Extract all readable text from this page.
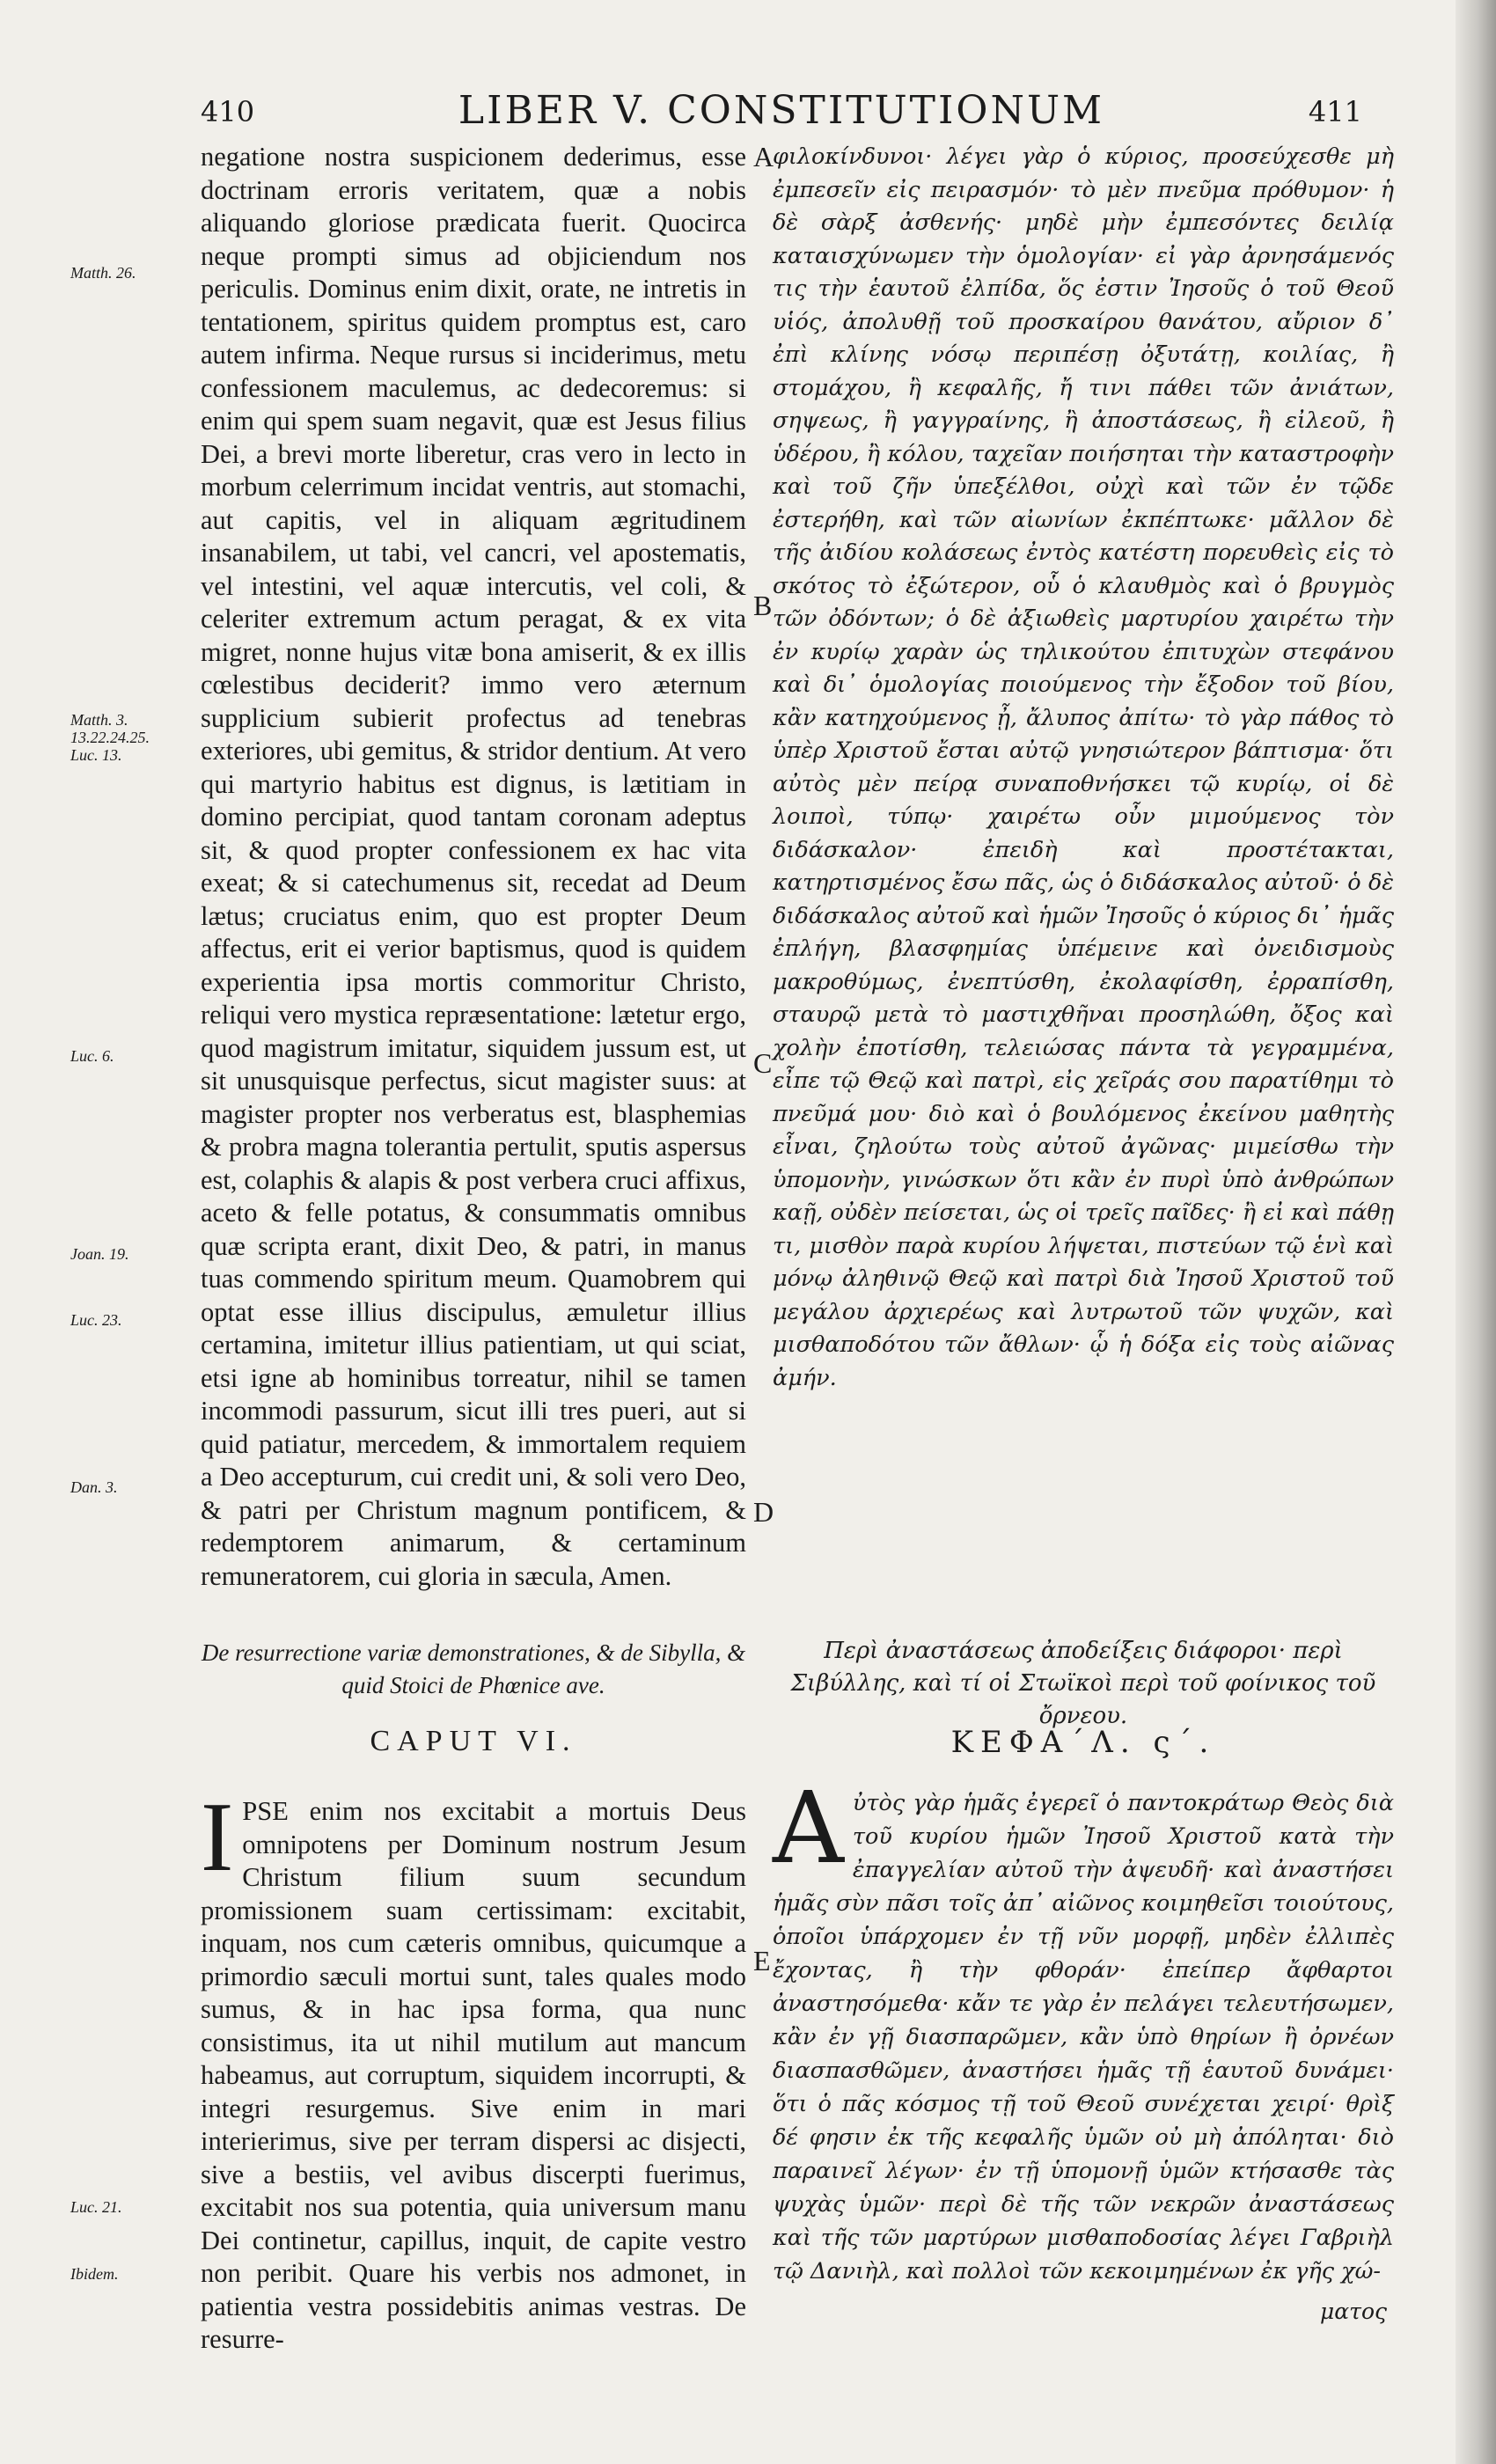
410	LIBER V. CONSTITUTIONUM	411
Matth. 26.
Matth. 3.
13.22.24.25.
Luc. 13.
Luc. 6.
Joan. 19.
Luc. 23.
Dan. 3.
Luc. 21.
Ibidem.
negatione nostra suspicionem dederimus, esse doctrinam erroris veritatem, quæ a nobis aliquando gloriose prædicata fuerit. Quocirca neque prompti simus ad objiciendum nos periculis. Dominus enim dixit, orate, ne intretis in tentationem, spiritus quidem promptus est, caro autem infirma. Neque rursus si inciderimus, metu confessionem maculemus, ac dedecoremus: si enim qui spem suam negavit, quæ est Jesus filius Dei, a brevi morte liberetur, cras vero in lecto in morbum celerrimum incidat ventris, aut stomachi, aut capitis, vel in aliquam ægritudinem insanabilem, ut tabi, vel cancri, vel apostematis, vel intestini, vel aquæ intercutis, vel coli, & celeriter extremum actum peragat, & ex vita migret, nonne hujus vitæ bona amiserit, & ex illis cœlestibus deciderit? immo vero æternum supplicium subierit profectus ad tenebras exteriores, ubi gemitus, & stridor dentium. At vero qui martyrio habitus est dignus, is lætitiam in domino percipiat, quod tantam coronam adeptus sit, & quod propter confessionem ex hac vita exeat; & si catechumenus sit, recedat ad Deum lætus; cruciatus enim, quo est propter Deum affectus, erit ei verior baptismus, quod is quidem experientia ipsa mortis commoritur Christo, reliqui vero mystica repræsentatione: lætetur ergo, quod magistrum imitatur, siquidem jussum est, ut sit unusquisque perfectus, sicut magister suus: at magister propter nos verberatus est, blasphemias & probra magna tolerantia pertulit, sputis aspersus est, colaphis & alapis & post verbera cruci affixus, aceto & felle potatus, & consummatis omnibus quæ scripta erant, dixit Deo, & patri, in manus tuas commendo spiritum meum. Quamobrem qui optat esse illius discipulus, æmuletur illius certamina, imitetur illius patientiam, ut qui sciat, etsi igne ab hominibus torreatur, nihil se tamen incommodi passurum, sicut illi tres pueri, aut si quid patiatur, mercedem, & immortalem requiem a Deo accepturum, cui credit uni, & soli vero Deo, & patri per Christum magnum pontificem, & redemptorem animarum, & certaminum remuneratorem, cui gloria in sæcula, Amen.
A
B
C
D
E
φιλοκίνδυνοι· λέγει γὰρ ὁ κύριος, προσεύχεσθε μὴ ἐμπεσεῖν εἰς πειρασμόν· τὸ μὲν πνεῦμα πρόθυμον· ἡ δὲ σὰρξ ἀσθενής· μηδὲ μὴν ἐμπεσόντες δειλίᾳ καταισχύνωμεν τὴν ὁμολογίαν· εἰ γὰρ ἀρνησάμενός τις τὴν ἑαυτοῦ ἐλπίδα, ὅς ἐστιν Ἰησοῦς ὁ τοῦ Θεοῦ υἱός, ἀπολυθῇ τοῦ προσκαίρου θανάτου, αὔριον δ᾽ ἐπὶ κλίνης νόσῳ περιπέσῃ ὀξυτάτῃ, κοιλίας, ἢ στομάχου, ἢ κεφαλῆς, ἤ τινι πάθει τῶν ἀνιάτων, σηψεως, ἢ γαγγραίνης, ἢ ἀποστάσεως, ἢ εἰλεοῦ, ἢ ὑδέρου, ἢ κόλου, ταχεῖαν ποιήσηται τὴν καταστροφὴν καὶ τοῦ ζῆν ὑπεξέλθοι, οὐχὶ καὶ τῶν ἐν τῷδε ἐστερήθη, καὶ τῶν αἰωνίων ἐκπέπτωκε· μᾶλλον δὲ τῆς ἀιδίου κολάσεως ἐντὸς κατέστη πορευθεὶς εἰς τὸ σκότος τὸ ἐξώτερον, οὗ ὁ κλαυθμὸς καὶ ὁ βρυγμὸς τῶν ὀδόντων; ὁ δὲ ἀξιωθεὶς μαρτυρίου χαιρέτω τὴν ἐν κυρίῳ χαρὰν ὡς τηλικούτου ἐπιτυχὼν στεφάνου καὶ δι᾽ ὁμολογίας ποιούμενος τὴν ἔξοδον τοῦ βίου, κἂν κατηχούμενος ᾖ, ἄλυπος ἀπίτω· τὸ γὰρ πάθος τὸ ὑπὲρ Χριστοῦ ἔσται αὐτῷ γνησιώτερον βάπτισμα· ὅτι αὐτὸς μὲν πείρᾳ συναποθνήσκει τῷ κυρίῳ, οἱ δὲ λοιποὶ, τύπῳ· χαιρέτω οὖν μιμούμενος τὸν διδάσκαλον· ἐπειδὴ καὶ προστέτακται, κατηρτισμένος ἔσω πᾶς, ὡς ὁ διδάσκαλος αὐτοῦ· ὁ δὲ διδάσκαλος αὐτοῦ καὶ ἡμῶν Ἰησοῦς ὁ κύριος δι᾽ ἡμᾶς ἐπλήγη, βλασφημίας ὑπέμεινε καὶ ὀνειδισμοὺς μακροθύμως, ἐνεπτύσθη, ἐκολαφίσθη, ἐρραπίσθη, σταυρῷ μετὰ τὸ μαστιχθῆναι προσηλώθη, ὄξος καὶ χολὴν ἐποτίσθη, τελειώσας πάντα τὰ γεγραμμένα, εἶπε τῷ Θεῷ καὶ πατρὶ, εἰς χεῖράς σου παρατίθημι τὸ πνεῦμά μου· διὸ καὶ ὁ βουλόμενος ἐκείνου μαθητὴς εἶναι, ζηλούτω τοὺς αὐτοῦ ἀγῶνας· μιμείσθω τὴν ὑπομονὴν, γινώσκων ὅτι κἂν ἐν πυρὶ ὑπὸ ἀνθρώπων καῇ, οὐδὲν πείσεται, ὡς οἱ τρεῖς παῖδες· ἢ εἰ καὶ πάθῃ τι, μισθὸν παρὰ κυρίου λήψεται, πιστεύων τῷ ἑνὶ καὶ μόνῳ ἀληθινῷ Θεῷ καὶ πατρὶ διὰ Ἰησοῦ Χριστοῦ τοῦ μεγάλου ἀρχιερέως καὶ λυτρωτοῦ τῶν ψυχῶν, καὶ μισθαποδότου τῶν ἄθλων· ᾧ ἡ δόξα εἰς τοὺς αἰῶνας ἀμήν.
De resurrectione variæ demonstrationes, & de Sibylla, & quid Stoici de Phœnice ave.
Περὶ ἀναστάσεως ἀποδείξεις διάφοροι· περὶ Σιβύλλης, καὶ τί οἱ Στωϊκοὶ περὶ τοῦ φοίνικος τοῦ ὄρνεου.
CAPUT VI.	ΚΕΦΑ΄Λ. ς΄.
I PSE enim nos excitabit a mortuis Deus omnipotens per Dominum nostrum Jesum Christum filium suum secundum promissionem suam certissimam: excitabit, inquam, nos cum cæteris omnibus, quicumque a primordio sæculi mortui sunt, tales quales modo sumus, & in hac ipsa forma, qua nunc consistimus, ita ut nihil mutilum aut mancum habeamus, aut corruptum, siquidem incorrupti, & integri resurgemus. Sive enim in mari interierimus, sive per terram dispersi ac disjecti, sive a bestiis, vel avibus discerpti fuerimus, excitabit nos sua potentia, quia universum manu Dei continetur, capillus, inquit, de capite vestro non peribit. Quare his verbis nos admonet, in patientia vestra possidebitis animas vestras. De resurre-
Α ὐτὸς γὰρ ἡμᾶς ἐγερεῖ ὁ παντοκράτωρ Θεὸς διὰ τοῦ κυρίου ἡμῶν Ἰησοῦ Χριστοῦ κατὰ τὴν ἐπαγγελίαν αὐτοῦ τὴν ἀψευδῆ· καὶ ἀναστήσει ἡμᾶς σὺν πᾶσι τοῖς ἀπ᾽ αἰῶνος κοιμηθεῖσι τοιούτους, ὁποῖοι ὑπάρχομεν ἐν τῇ νῦν μορφῇ, μηδὲν ἐλλιπὲς ἔχοντας, ἢ τὴν φθοράν· ἐπείπερ ἄφθαρτοι ἀναστησόμεθα· κἄν τε γὰρ ἐν πελάγει τελευτήσωμεν, κἂν ἐν γῇ διασπαρῶμεν, κἂν ὑπὸ θηρίων ἢ ὀρνέων διασπασθῶμεν, ἀναστήσει ἡμᾶς τῇ ἑαυτοῦ δυνάμει· ὅτι ὁ πᾶς κόσμος τῇ τοῦ Θεοῦ συνέχεται χειρί· θρὶξ δέ φησιν ἐκ τῆς κεφαλῆς ὑμῶν οὐ μὴ ἀπόληται· διὸ παραινεῖ λέγων· ἐν τῇ ὑπομονῇ ὑμῶν κτήσασθε τὰς ψυχὰς ὑμῶν· περὶ δὲ τῆς τῶν νεκρῶν ἀναστάσεως καὶ τῆς τῶν μαρτύρων μισθαποδοσίας λέγει Γαβριὴλ τῷ Δανιὴλ, καὶ πολλοὶ τῶν κεκοιμημένων ἐκ γῆς χώ-
ματος
